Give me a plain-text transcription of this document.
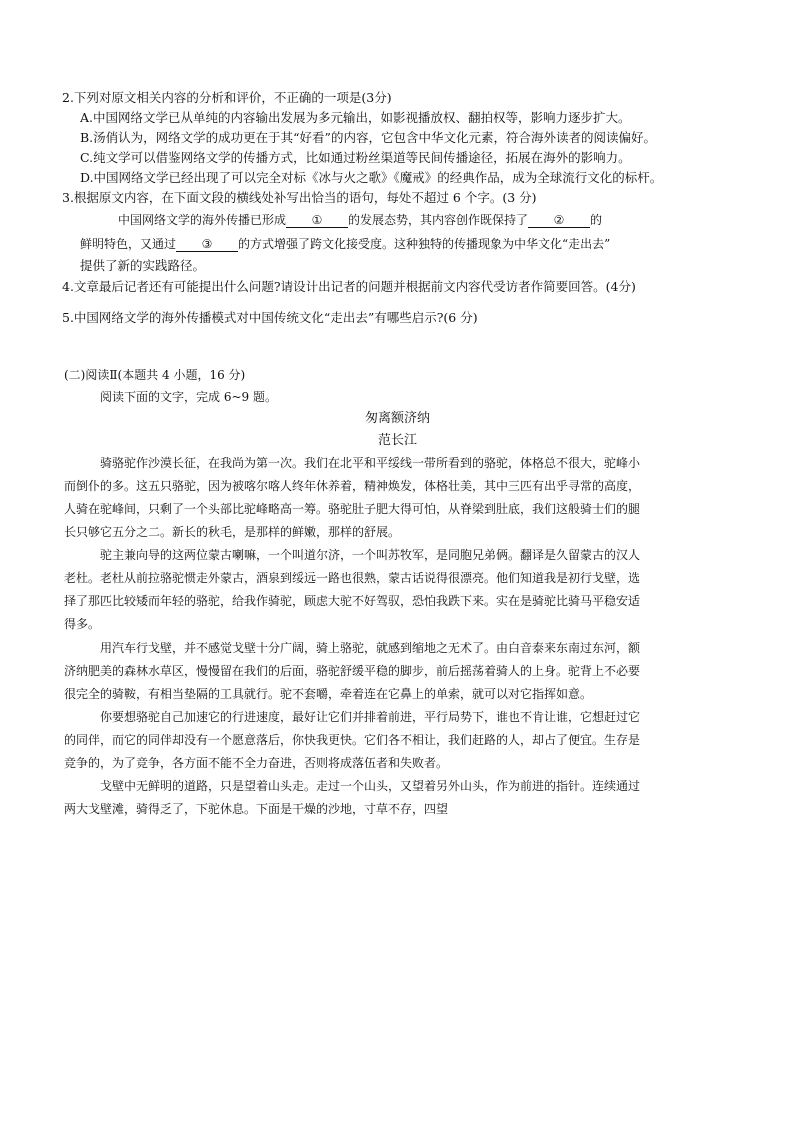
2.下列对原文相关内容的分析和评价，不正确的一项是(3分)
A.中国网络文学已从单纯的内容输出发展为多元输出，如影视播放权、翻拍权等，影响力逐步扩大。
B.汤俏认为，网络文学的成功更在于其“好看”的内容，它包含中华文化元素，符合海外读者的阅读偏好。
C.纯文学可以借鉴网络文学的传播方式，比如通过粉丝渠道等民间传播途径，拓展在海外的影响力。
D.中国网络文学已经出现了可以完全对标《冰与火之歌》《魔戒》的经典作品，成为全球流行文化的标杆。
3.根据原文内容，在下面文段的横线处补写出恰当的语句，每处不超过 6 个字。(3 分)
中国网络文学的海外传播已形成 ① 的发展态势，其内容创作既保持了 ② 的
鲜明特色，又通过 ③ 的方式增强了跨文化接受度。这种独特的传播现象为中华文化“走出去”
提供了新的实践路径。
4.文章最后记者还有可能提出什么问题?请设计出记者的问题并根据前文内容代受访者作简要回答。(4分)
5.中国网络文学的海外传播模式对中国传统文化“走出去”有哪些启示?(6 分)
(二)阅读Ⅱ(本题共 4 小题，16 分)
阅读下面的文字，完成 6~9 题。
匆离额济纳
范长江
骑骆驼作沙漠长征，在我尚为第一次。我们在北平和平绥线一带所看到的骆驼，体格总不很大，驼峰小
而倒仆的多。这五只骆驼，因为被喀尔喀人终年休养着，精神焕发，体格壮美，其中三匹有出乎寻常的高度，
人骑在驼峰间，只剩了一个头部比驼峰略高一筹。骆驼肚子肥大得可怕，从脊梁到肚底，我们这般骑士们的腿
长只够它五分之二。新长的秋毛，是那样的鲜嫩，那样的舒展。
驼主兼向导的这两位蒙古喇嘛，一个叫道尔济，一个叫苏牧军，是同胞兄弟俩。翻译是久留蒙古的汉人
老杜。老杜从前拉骆驼惯走外蒙古，酒泉到绥远一路也很熟，蒙古话说得很漂亮。他们知道我是初行戈壁，选
择了那匹比较矮而年轻的骆驼，给我作骑驼，顾虑大驼不好驾驭，恐怕我跌下来。实在是骑驼比骑马平稳安适
得多。
用汽车行戈壁，并不感觉戈壁十分广阔，骑上骆驼，就感到缩地之无术了。由白音泰来东南过东河，额
济纳肥美的森林水草区，慢慢留在我们的后面，骆驼舒缓平稳的脚步，前后摇荡着骑人的上身。驼背上不必要
很完全的骑鞍，有相当垫隔的工具就行。驼不套嚼，牵着连在它鼻上的单索，就可以对它指挥如意。
你要想骆驼自己加速它的行进速度，最好让它们并排着前进，平行局势下，谁也不肯让谁，它想赶过它
的同伴，而它的同伴却没有一个愿意落后，你快我更快。它们各不相让，我们赶路的人，却占了便宜。生存是
竞争的，为了竞争，各方面不能不全力奋进，否则将成落伍者和失败者。
戈壁中无鲜明的道路，只是望着山头走。走过一个山头，又望着另外山头，作为前进的指针。连续通过
两大戈壁滩，骑得乏了，下驼休息。下面是干燥的沙地，寸草不存，四望
